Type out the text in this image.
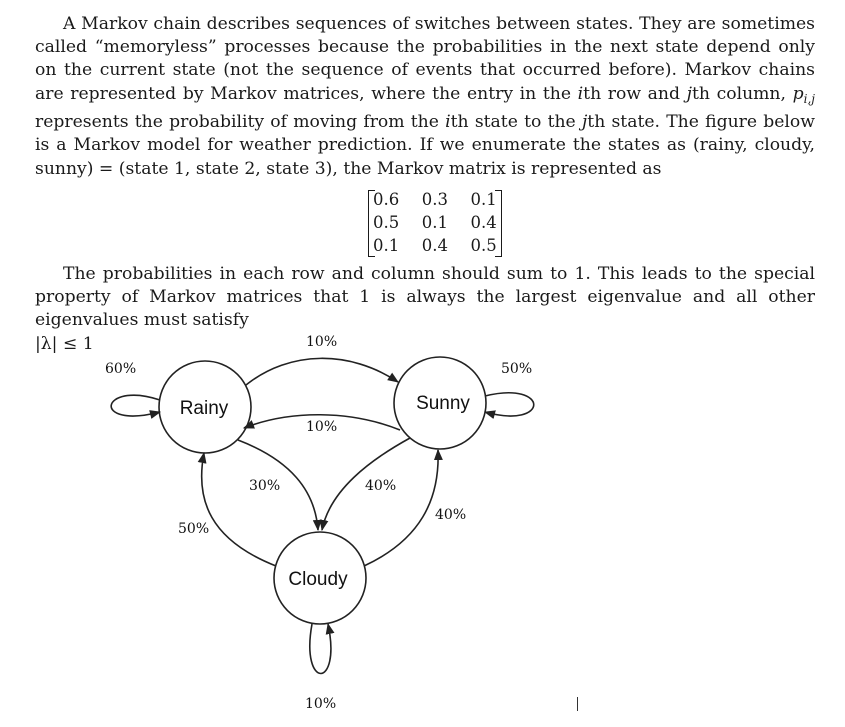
A Markov chain describes sequences of switches between states. They are sometimes called “memoryless” processes because the probabilities in the next state depend only on the current state (not the sequence of events that occurred before). Markov chains are represented by Markov matrices, where the entry in the ith row and jth column, $p_{i,j}$ represents the probability of moving from the ith state to the jth state. The figure below is a Markov model for weather prediction. If we enumerate the states as (rainy, cloudy, sunny) = (state 1, state 2, state 3), the Markov matrix is represented as

0.6  0.3  0.1
0.5  0.1  0.4
0.1  0.4  0.5

The probabilities in each row and column should sum to 1. This leads to the special property of Markov matrices that 1 is always the largest eigenvalue and all other eigenvalues must satisfy
|λ| ≤ 1

Rainy	Sunny
Cloudy
60%	50%
10%
10%
10%
30%
50%
40%
40%
